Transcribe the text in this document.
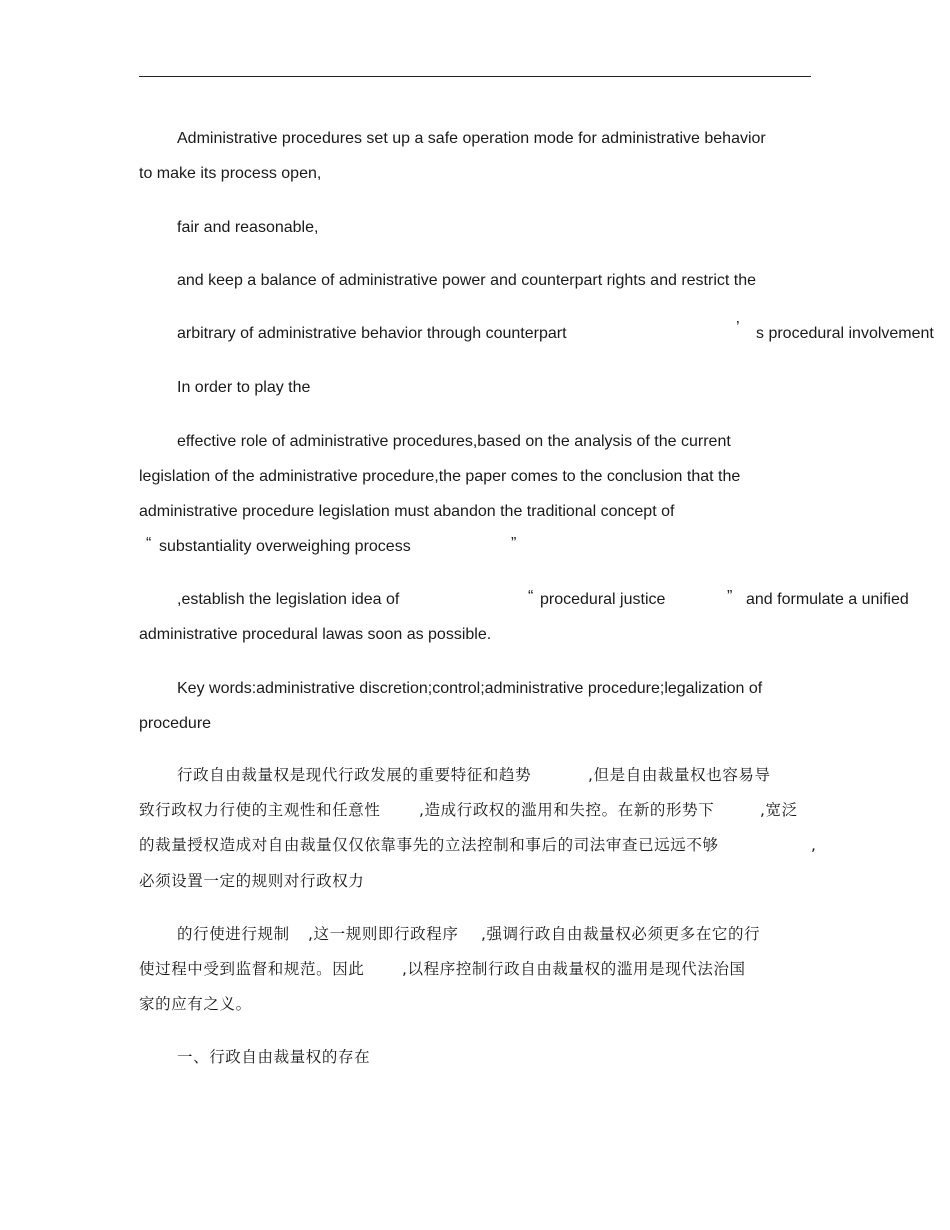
Administrative procedures set up a safe operation mode for administrative behavior
to make its process open,
fair and reasonable,
and keep a balance of administrative power and counterpart rights and restrict the
arbitrary of administrative behavior through counterpart	’ s procedural involvement
In order to play the
effective role of administrative procedures,based on the analysis of the current
legislation of the administrative procedure,the paper comes to the conclusion that the
administrative procedure legislation must abandon the traditional concept of
“ substantiality overweighing process	”
,establish the legislation idea of	“ procedural justice	” and formulate a unified
administrative procedural lawas soon as possible.
Key words:administrative discretion;control;administrative procedure;legalization of
procedure
行政自由裁量权是现代行政发展的重要特征和趋势	,但是自由裁量权也容易导
致行政权力行使的主观性和任意性 ,造成行政权的滥用和失控。在新的形势下	,宽泛
的裁量授权造成对自由裁量仅仅依靠事先的立法控制和事后的司法审查已远远不够	,
必须设置一定的规则对行政权力
的行使进行规制 ,这一规则即行政程序 ,强调行政自由裁量权必须更多在它的行
使过程中受到监督和规范。因此 ,以程序控制行政自由裁量权的滥用是现代法治国
家的应有之义。
一、行政自由裁量权的存在
